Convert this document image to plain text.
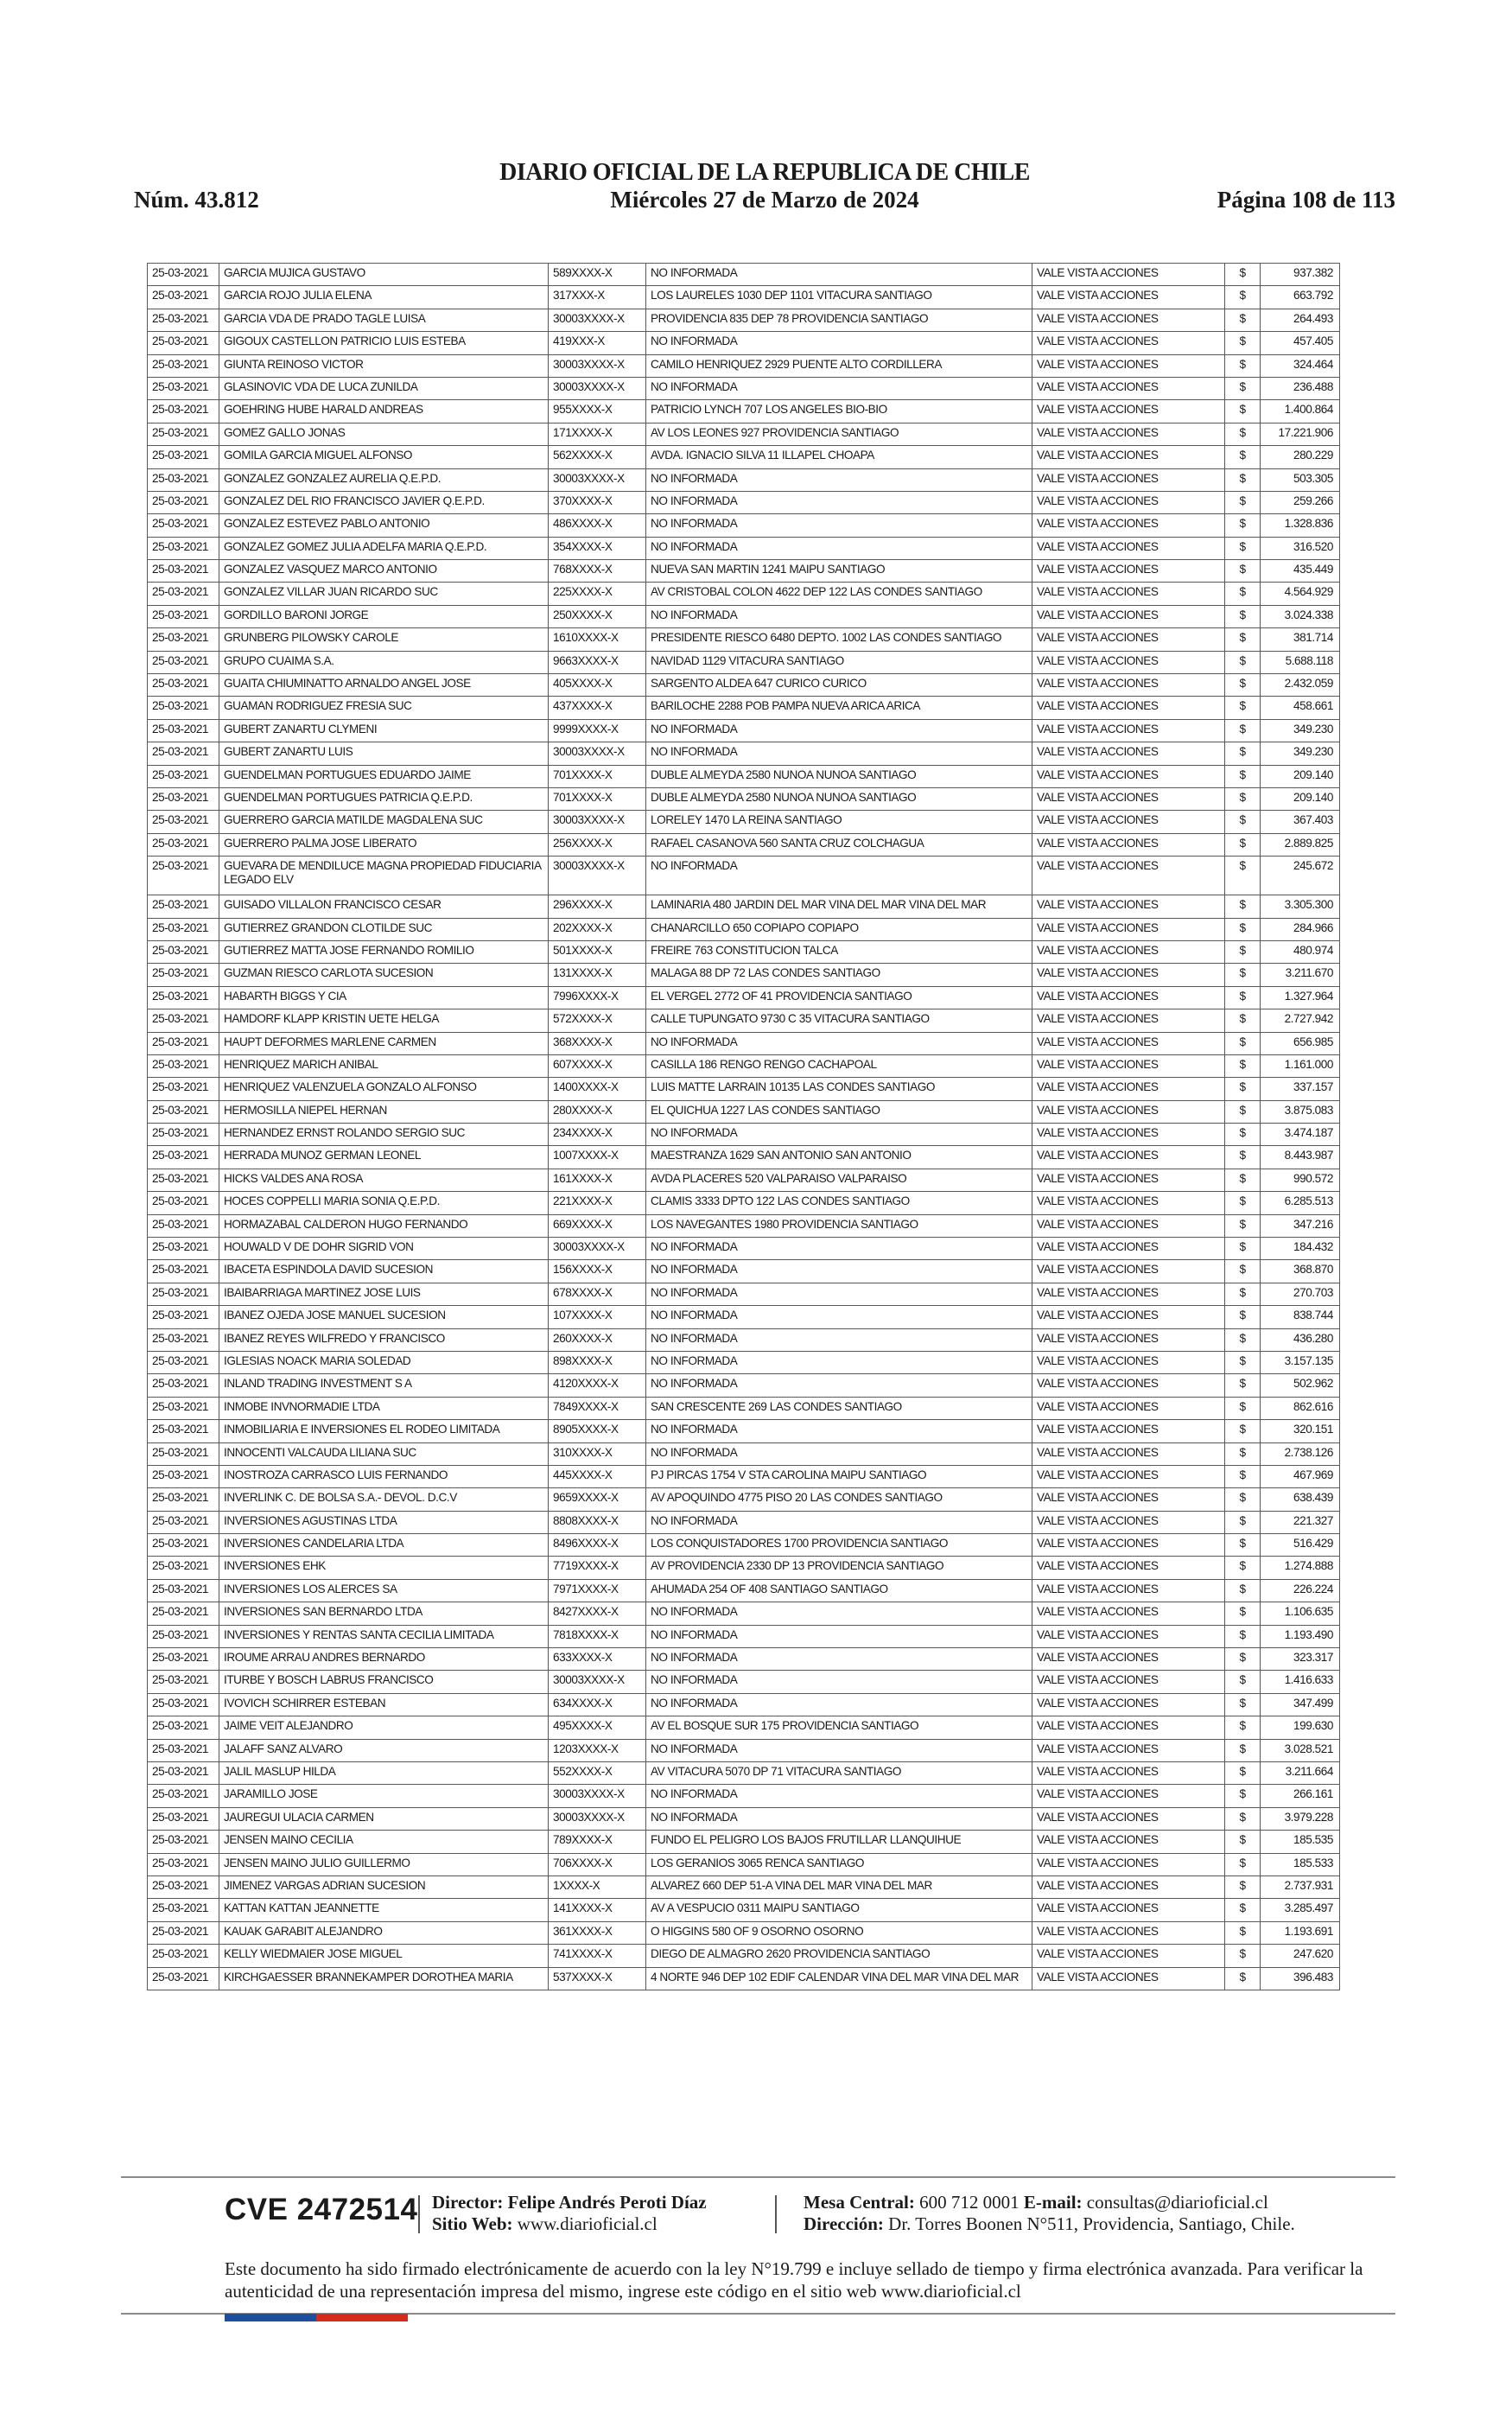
Núm. 43.812
DIARIO OFICIAL DE LA REPUBLICA DE CHILE
Miércoles 27 de Marzo de 2024	Página 108 de 113
25-03-2021	GARCIA MUJICA GUSTAVO	589XXXX-X	NO INFORMADA	VALE VISTA ACCIONES	$	937.382
25-03-2021	GARCIA ROJO JULIA ELENA	317XXX-X	LOS LAURELES 1030 DEP 1101 VITACURA SANTIAGO	VALE VISTA ACCIONES	$	663.792
25-03-2021	GARCIA VDA DE PRADO TAGLE LUISA	30003XXXX-X	PROVIDENCIA 835 DEP 78 PROVIDENCIA SANTIAGO	VALE VISTA ACCIONES	$	264.493
25-03-2021	GIGOUX CASTELLON PATRICIO LUIS ESTEBA	419XXX-X	NO INFORMADA	VALE VISTA ACCIONES	$	457.405
25-03-2021	GIUNTA REINOSO VICTOR	30003XXXX-X	CAMILO HENRIQUEZ 2929 PUENTE ALTO CORDILLERA	VALE VISTA ACCIONES	$	324.464
25-03-2021	GLASINOVIC VDA DE LUCA ZUNILDA	30003XXXX-X	NO INFORMADA	VALE VISTA ACCIONES	$	236.488
25-03-2021	GOEHRING HUBE HARALD ANDREAS	955XXXX-X	PATRICIO LYNCH 707 LOS ANGELES BIO-BIO	VALE VISTA ACCIONES	$	1.400.864
25-03-2021	GOMEZ GALLO JONAS	171XXXX-X	AV LOS LEONES 927 PROVIDENCIA SANTIAGO	VALE VISTA ACCIONES	$	17.221.906
25-03-2021	GOMILA GARCIA MIGUEL ALFONSO	562XXXX-X	AVDA. IGNACIO SILVA 11 ILLAPEL CHOAPA	VALE VISTA ACCIONES	$	280.229
25-03-2021	GONZALEZ GONZALEZ AURELIA Q.E.P.D.	30003XXXX-X	NO INFORMADA	VALE VISTA ACCIONES	$	503.305
25-03-2021	GONZALEZ DEL RIO FRANCISCO JAVIER Q.E.P.D.	370XXXX-X	NO INFORMADA	VALE VISTA ACCIONES	$	259.266
25-03-2021	GONZALEZ ESTEVEZ PABLO ANTONIO	486XXXX-X	NO INFORMADA	VALE VISTA ACCIONES	$	1.328.836
25-03-2021	GONZALEZ GOMEZ JULIA ADELFA MARIA Q.E.P.D.	354XXXX-X	NO INFORMADA	VALE VISTA ACCIONES	$	316.520
25-03-2021	GONZALEZ VASQUEZ MARCO ANTONIO	768XXXX-X	NUEVA SAN MARTIN 1241 MAIPU SANTIAGO	VALE VISTA ACCIONES	$	435.449
25-03-2021	GONZALEZ VILLAR JUAN RICARDO SUC	225XXXX-X	AV CRISTOBAL COLON 4622 DEP 122 LAS CONDES SANTIAGO	VALE VISTA ACCIONES	$	4.564.929
25-03-2021	GORDILLO BARONI JORGE	250XXXX-X	NO INFORMADA	VALE VISTA ACCIONES	$	3.024.338
25-03-2021	GRUNBERG PILOWSKY CAROLE	1610XXXX-X	PRESIDENTE RIESCO 6480 DEPTO. 1002 LAS CONDES SANTIAGO	VALE VISTA ACCIONES	$	381.714
25-03-2021	GRUPO CUAIMA S.A.	9663XXXX-X	NAVIDAD 1129 VITACURA SANTIAGO	VALE VISTA ACCIONES	$	5.688.118
25-03-2021	GUAITA CHIUMINATTO ARNALDO ANGEL JOSE	405XXXX-X	SARGENTO ALDEA 647 CURICO CURICO	VALE VISTA ACCIONES	$	2.432.059
25-03-2021	GUAMAN RODRIGUEZ FRESIA SUC	437XXXX-X	BARILOCHE 2288 POB PAMPA NUEVA ARICA ARICA	VALE VISTA ACCIONES	$	458.661
25-03-2021	GUBERT ZANARTU CLYMENI	9999XXXX-X	NO INFORMADA	VALE VISTA ACCIONES	$	349.230
25-03-2021	GUBERT ZANARTU LUIS	30003XXXX-X	NO INFORMADA	VALE VISTA ACCIONES	$	349.230
25-03-2021	GUENDELMAN PORTUGUES EDUARDO JAIME	701XXXX-X	DUBLE ALMEYDA 2580 NUNOA NUNOA SANTIAGO	VALE VISTA ACCIONES	$	209.140
25-03-2021	GUENDELMAN PORTUGUES PATRICIA Q.E.P.D.	701XXXX-X	DUBLE ALMEYDA 2580 NUNOA NUNOA SANTIAGO	VALE VISTA ACCIONES	$	209.140
25-03-2021	GUERRERO GARCIA MATILDE MAGDALENA SUC	30003XXXX-X	LORELEY 1470 LA REINA SANTIAGO	VALE VISTA ACCIONES	$	367.403
25-03-2021	GUERRERO PALMA JOSE LIBERATO	256XXXX-X	RAFAEL CASANOVA 560 SANTA CRUZ COLCHAGUA	VALE VISTA ACCIONES	$	2.889.825
25-03-2021	GUEVARA DE MENDILUCE MAGNA PROPIEDAD FIDUCIARIA LEGADO ELV	30003XXXX-X	NO INFORMADA	VALE VISTA ACCIONES	$	245.672
25-03-2021	GUISADO VILLALON FRANCISCO CESAR	296XXXX-X	LAMINARIA 480 JARDIN DEL MAR VINA DEL MAR VINA DEL MAR	VALE VISTA ACCIONES	$	3.305.300
25-03-2021	GUTIERREZ GRANDON CLOTILDE SUC	202XXXX-X	CHANARCILLO 650 COPIAPO COPIAPO	VALE VISTA ACCIONES	$	284.966
25-03-2021	GUTIERREZ MATTA JOSE FERNANDO ROMILIO	501XXXX-X	FREIRE 763 CONSTITUCION TALCA	VALE VISTA ACCIONES	$	480.974
25-03-2021	GUZMAN RIESCO CARLOTA SUCESION	131XXXX-X	MALAGA 88 DP 72 LAS CONDES SANTIAGO	VALE VISTA ACCIONES	$	3.211.670
25-03-2021	HABARTH BIGGS Y CIA	7996XXXX-X	EL VERGEL 2772 OF 41 PROVIDENCIA SANTIAGO	VALE VISTA ACCIONES	$	1.327.964
25-03-2021	HAMDORF KLAPP KRISTIN UETE HELGA	572XXXX-X	CALLE TUPUNGATO 9730 C 35 VITACURA SANTIAGO	VALE VISTA ACCIONES	$	2.727.942
25-03-2021	HAUPT DEFORMES MARLENE CARMEN	368XXXX-X	NO INFORMADA	VALE VISTA ACCIONES	$	656.985
25-03-2021	HENRIQUEZ MARICH ANIBAL	607XXXX-X	CASILLA 186 RENGO RENGO CACHAPOAL	VALE VISTA ACCIONES	$	1.161.000
25-03-2021	HENRIQUEZ VALENZUELA GONZALO ALFONSO	1400XXXX-X	LUIS MATTE LARRAIN 10135 LAS CONDES SANTIAGO	VALE VISTA ACCIONES	$	337.157
25-03-2021	HERMOSILLA NIEPEL HERNAN	280XXXX-X	EL QUICHUA 1227 LAS CONDES SANTIAGO	VALE VISTA ACCIONES	$	3.875.083
25-03-2021	HERNANDEZ ERNST ROLANDO SERGIO SUC	234XXXX-X	NO INFORMADA	VALE VISTA ACCIONES	$	3.474.187
25-03-2021	HERRADA MUNOZ GERMAN LEONEL	1007XXXX-X	MAESTRANZA 1629 SAN ANTONIO SAN ANTONIO	VALE VISTA ACCIONES	$	8.443.987
25-03-2021	HICKS VALDES ANA ROSA	161XXXX-X	AVDA PLACERES 520 VALPARAISO VALPARAISO	VALE VISTA ACCIONES	$	990.572
25-03-2021	HOCES COPPELLI MARIA SONIA Q.E.P.D.	221XXXX-X	CLAMIS 3333 DPTO 122 LAS CONDES SANTIAGO	VALE VISTA ACCIONES	$	6.285.513
25-03-2021	HORMAZABAL CALDERON HUGO FERNANDO	669XXXX-X	LOS NAVEGANTES 1980 PROVIDENCIA SANTIAGO	VALE VISTA ACCIONES	$	347.216
25-03-2021	HOUWALD V DE DOHR SIGRID VON	30003XXXX-X	NO INFORMADA	VALE VISTA ACCIONES	$	184.432
25-03-2021	IBACETA ESPINDOLA DAVID SUCESION	156XXXX-X	NO INFORMADA	VALE VISTA ACCIONES	$	368.870
25-03-2021	IBAIBARRIAGA MARTINEZ JOSE LUIS	678XXXX-X	NO INFORMADA	VALE VISTA ACCIONES	$	270.703
25-03-2021	IBANEZ OJEDA JOSE MANUEL SUCESION	107XXXX-X	NO INFORMADA	VALE VISTA ACCIONES	$	838.744
25-03-2021	IBANEZ REYES WILFREDO Y FRANCISCO	260XXXX-X	NO INFORMADA	VALE VISTA ACCIONES	$	436.280
25-03-2021	IGLESIAS NOACK MARIA SOLEDAD	898XXXX-X	NO INFORMADA	VALE VISTA ACCIONES	$	3.157.135
25-03-2021	INLAND TRADING INVESTMENT S A	4120XXXX-X	NO INFORMADA	VALE VISTA ACCIONES	$	502.962
25-03-2021	INMOBE INVNORMADIE LTDA	7849XXXX-X	SAN CRESCENTE 269 LAS CONDES SANTIAGO	VALE VISTA ACCIONES	$	862.616
25-03-2021	INMOBILIARIA E INVERSIONES EL RODEO LIMITADA	8905XXXX-X	NO INFORMADA	VALE VISTA ACCIONES	$	320.151
25-03-2021	INNOCENTI VALCAUDA LILIANA SUC	310XXXX-X	NO INFORMADA	VALE VISTA ACCIONES	$	2.738.126
25-03-2021	INOSTROZA CARRASCO LUIS FERNANDO	445XXXX-X	PJ PIRCAS 1754 V STA CAROLINA MAIPU SANTIAGO	VALE VISTA ACCIONES	$	467.969
25-03-2021	INVERLINK C. DE BOLSA S.A.- DEVOL. D.C.V	9659XXXX-X	AV APOQUINDO 4775 PISO 20 LAS CONDES SANTIAGO	VALE VISTA ACCIONES	$	638.439
25-03-2021	INVERSIONES AGUSTINAS LTDA	8808XXXX-X	NO INFORMADA	VALE VISTA ACCIONES	$	221.327
25-03-2021	INVERSIONES CANDELARIA LTDA	8496XXXX-X	LOS CONQUISTADORES 1700 PROVIDENCIA SANTIAGO	VALE VISTA ACCIONES	$	516.429
25-03-2021	INVERSIONES EHK	7719XXXX-X	AV PROVIDENCIA 2330 DP 13 PROVIDENCIA SANTIAGO	VALE VISTA ACCIONES	$	1.274.888
25-03-2021	INVERSIONES LOS ALERCES SA	7971XXXX-X	AHUMADA 254 OF 408 SANTIAGO SANTIAGO	VALE VISTA ACCIONES	$	226.224
25-03-2021	INVERSIONES SAN BERNARDO LTDA	8427XXXX-X	NO INFORMADA	VALE VISTA ACCIONES	$	1.106.635
25-03-2021	INVERSIONES Y RENTAS SANTA CECILIA LIMITADA	7818XXXX-X	NO INFORMADA	VALE VISTA ACCIONES	$	1.193.490
25-03-2021	IROUME ARRAU ANDRES BERNARDO	633XXXX-X	NO INFORMADA	VALE VISTA ACCIONES	$	323.317
25-03-2021	ITURBE Y BOSCH LABRUS FRANCISCO	30003XXXX-X	NO INFORMADA	VALE VISTA ACCIONES	$	1.416.633
25-03-2021	IVOVICH SCHIRRER ESTEBAN	634XXXX-X	NO INFORMADA	VALE VISTA ACCIONES	$	347.499
25-03-2021	JAIME VEIT ALEJANDRO	495XXXX-X	AV EL BOSQUE SUR 175 PROVIDENCIA SANTIAGO	VALE VISTA ACCIONES	$	199.630
25-03-2021	JALAFF SANZ ALVARO	1203XXXX-X	NO INFORMADA	VALE VISTA ACCIONES	$	3.028.521
25-03-2021	JALIL MASLUP HILDA	552XXXX-X	AV VITACURA 5070 DP 71 VITACURA SANTIAGO	VALE VISTA ACCIONES	$	3.211.664
25-03-2021	JARAMILLO JOSE	30003XXXX-X	NO INFORMADA	VALE VISTA ACCIONES	$	266.161
25-03-2021	JAUREGUI ULACIA CARMEN	30003XXXX-X	NO INFORMADA	VALE VISTA ACCIONES	$	3.979.228
25-03-2021	JENSEN MAINO CECILIA	789XXXX-X	FUNDO EL PELIGRO LOS BAJOS FRUTILLAR LLANQUIHUE	VALE VISTA ACCIONES	$	185.535
25-03-2021	JENSEN MAINO JULIO GUILLERMO	706XXXX-X	LOS GERANIOS 3065 RENCA SANTIAGO	VALE VISTA ACCIONES	$	185.533
25-03-2021	JIMENEZ VARGAS ADRIAN SUCESION	1XXXX-X	ALVAREZ 660 DEP 51-A VINA DEL MAR VINA DEL MAR	VALE VISTA ACCIONES	$	2.737.931
25-03-2021	KATTAN KATTAN JEANNETTE	141XXXX-X	AV A VESPUCIO 0311 MAIPU SANTIAGO	VALE VISTA ACCIONES	$	3.285.497
25-03-2021	KAUAK GARABIT ALEJANDRO	361XXXX-X	O HIGGINS 580 OF 9 OSORNO OSORNO	VALE VISTA ACCIONES	$	1.193.691
25-03-2021	KELLY WIEDMAIER JOSE MIGUEL	741XXXX-X	DIEGO DE ALMAGRO 2620 PROVIDENCIA SANTIAGO	VALE VISTA ACCIONES	$	247.620
25-03-2021	KIRCHGAESSER BRANNEKAMPER DOROTHEA MARIA	537XXXX-X	4 NORTE 946 DEP 102 EDIF CALENDAR VINA DEL MAR VINA DEL MAR	VALE VISTA ACCIONES	$	396.483
CVE 2472514 Director: Felipe Andrés Peroti Díaz
Sitio Web: www.diarioficial.cl
Mesa Central: 600 712 0001 E-mail: consultas@diarioficial.cl
Dirección: Dr. Torres Boonen N°511, Providencia, Santiago, Chile.
Este documento ha sido firmado electrónicamente de acuerdo con la ley N°19.799 e incluye sellado de tiempo y firma electrónica avanzada. Para verificar la autenticidad de una representación impresa del mismo, ingrese este código en el sitio web www.diarioficial.cl
